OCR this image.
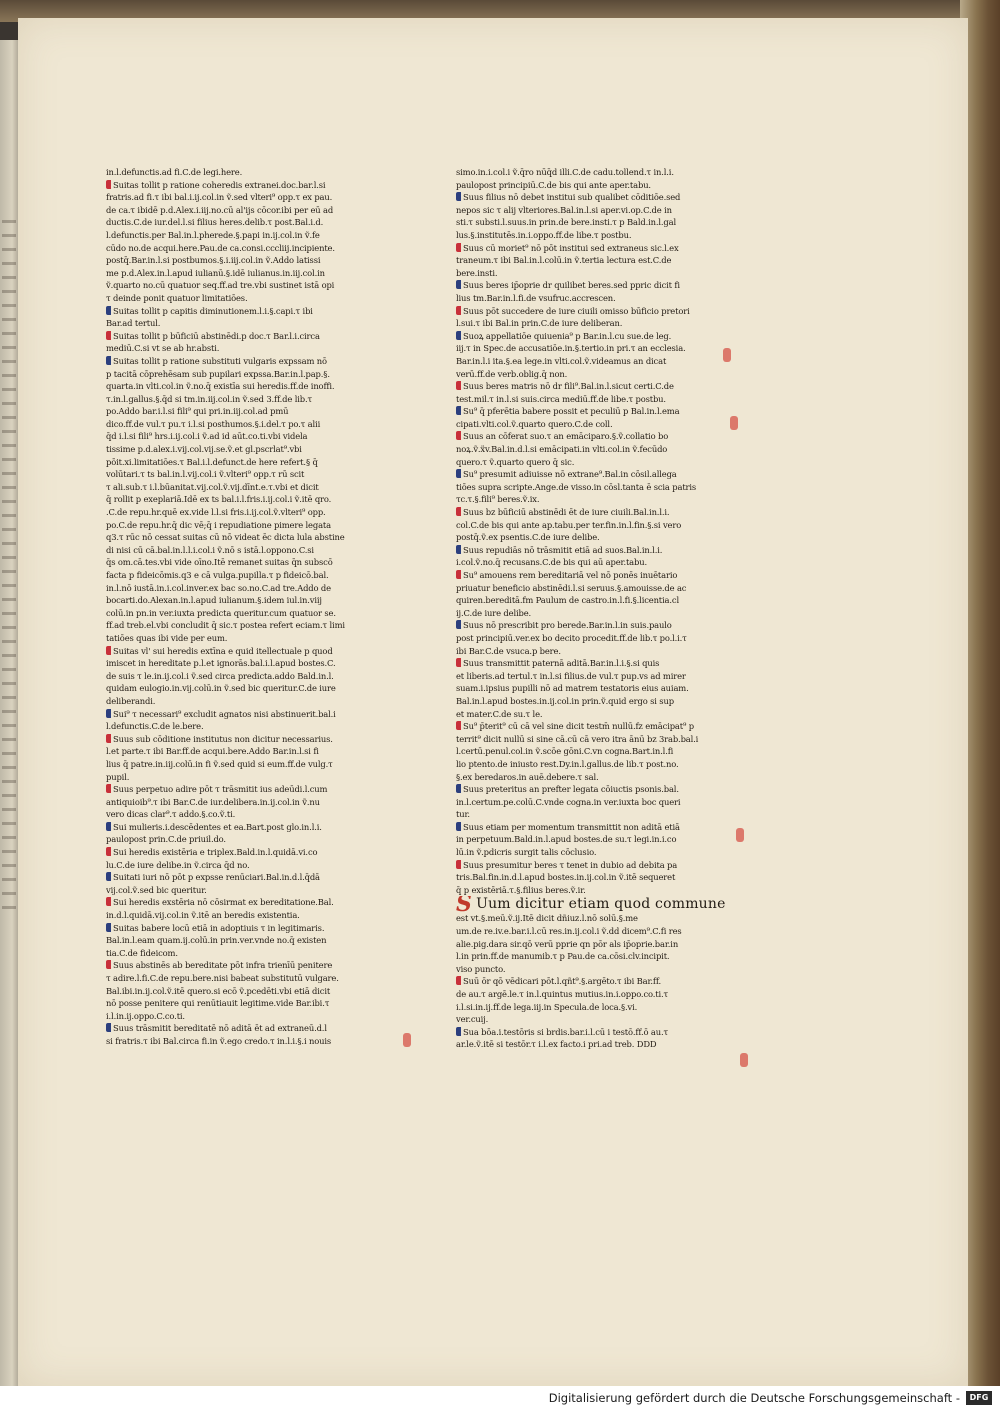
in.l.defunctis.ad fi.C.de legi.here.
Suitas tollit p ratione coheredis extranei.doc.bar.l.si
fratris.ad fi.τ ibi bal.i.ij.col.in ṽ.sed vlteri⁹ opp.τ ex pau.
de ca.τ ibidē p.d.Alex.i.iij.no.cū al'ijs cōcor.ibi per eū ad
ductis.C.de iur.del.l.si filius heres.delib.τ post.Bal.i.d.
l.defunctis.per Bal.in.l.pherede.§.papi in.ij.col.in ṽ.fe
cūdo no.de acqui.here.Pau.de ca.consi.cccliij.incipiente.
postq̄.Bar.in.l.si postbumos.§.i.iij.col.in ṽ.Addo latissi
me p.d.Alex.in.l.apud iulianū.§.idē iulianus.in.iij.col.in
ṽ.quarto no.cū quatuor seq.ff.ad tre.vbi sustinet istā opi
τ deinde ponit quatuor limitatiōes.
Suitas tollit p capitis diminutionem.l.i.§.capi.τ ibi
Bar.ad tertul.
Suitas tollit p būficiū abstinēdi.p doc.τ Bar.l.i.circa
mediū.C.si vt se ab hr.absti.
Suitas tollit p ratione substituti vulgaris expssam nō
p tacitā cōprehēsam sub pupilari expssa.Bar.in.l.pap.§.
quarta.in vlti.col.in ṽ.no.q̄ existīa sui heredis.ff.de inoffi.
τ.in.l.gallus.§.q̄d si tm.in.iij.col.in ṽ.sed 3.ff.de lib.τ
po.Addo bar.i.l.si fili⁹ qui pri.in.iij.col.ad pmū
dico.ff.de vul.τ pu.τ i.l.si posthumos.§.i.del.τ po.τ alii
q̄d i.l.si fili⁹ hrs.i.ij.col.i ṽ.ad id aūt.co.ti.vbi videla
tissime p.d.alex.i.vij.col.vij.se.ṽ.et gl.pscrlat⁹.vbi
pōit.xi.limitatiōes.τ Bal.i.l.defunct.de here refert.§ q̄
volūtari.τ ts bal.in.l.vij.col.i ṽ.vlteri⁹ opp.τ rū scit
τ ali.sub.τ i.l.būanitat.vij.col.ṽ.vij.dīnt.e.τ.vbi et dicit
q̄ rollit p exeplariā.Idē ex ts bal.i.l.fris.i.ij.col.i ṽ.itē qro.
.C.de repu.hr.quē ex.vide l.l.si fris.i.ij.col.ṽ.vlteri⁹ opp.
po.C.de repu.hr.q̄ dic vē;q̄ i repudiatione pimere legata
q3.τ rūc nō cessat suitas cū nō videat ēc dicta lula abstine
di nisi cū cā.bal.in.l.l.i.col.i ṽ.nō s istā.l.oppono.C.si
q̄s om.cā.tes.vbi vide oīno.Itē remanet suitas q̄n subscō
facta p fideicōmis.q3 e cā vulga.pupilla.τ p fideicō.bal.
in.l.nō iustā.in.i.col.inver.ex bac so.no.C.ad tre.Addo de
bocarti.do.Alexan.in.l.apud iulianum.§.idem iul.in.viij
colū.in pn.in ver.iuxta predicta queritur.cum quatuor se.
ff.ad treb.el.vbi concludit q̄ sic.τ postea refert eciam.τ limi
tatiōes quas ibi vide per eum.
Suitas vl' sui heredis extīna e quid itellectuale p quod
imiscet in hereditate p.l.et ignorās.bal.i.l.apud bostes.C.
de suis τ le.in.ij.col.i ṽ.sed circa predicta.addo Bald.in.l.
quidam eulogio.in.vij.colū.in ṽ.sed bic queritur.C.de iure
deliberandi.
Sui⁹ τ necessari⁹ excludit agnatos nisi abstinuerit.bal.i
l.defunctis.C.de le.bere.
Suus sub cōditione institutus non dicitur necessarius.
l.et parte.τ ibi Bar.ff.de acqui.bere.Addo Bar.in.l.si fi
lius q̄ patre.in.iij.colū.in fi ṽ.sed quid si eum.ff.de vulg.τ
pupil.
Suus perpetuo adire pōt τ trāsmitit ius adeūdi.l.cum
antiquioib⁹.τ ibi Bar.C.de iur.delibera.in.ij.col.in ṽ.nu
vero dicas clar⁹.τ addo.§.co.ṽ.ti.
Sui mulieris.i.descēdentes et ea.Bart.post glo.in.l.i.
paulopost prin.C.de priuil.do.
Sui heredis existēria e triplex.Bald.in.l.quidā.vi.co
lu.C.de iure delibe.in ṽ.circa q̄d no.
Suitati iuri nō pōt p expsse renūciari.Bal.in.d.l.q̄dā
vij.col.ṽ.sed bic queritur.
Sui heredis exstēria nō cōsirmat ex bereditatione.Bal.
in.d.l.quidā.vij.col.in ṽ.itē an beredis existentia.
Suitas babere locū etiā in adoptiuis τ in legitimaris.
Bal.in.l.eam quam.ij.colū.in prin.ver.vnde no.q̄ existen
tia.C.de fideicom.
Suus abstinēs ab bereditate pōt infra trienīū penitere
τ adire.l.fi.C.de repu.bere.nisi babeat substitutū vulgare.
Bal.ibi.in.ij.col.ṽ.itē quero.si ecō ṽ.pcedēti.vbi etiā dicit
nō posse penitere qui renūtiauit legitime.vide Bar.ibi.τ
i.l.in.ij.oppo.C.co.ti.
Suus trāsmitit bereditatē nō aditā ēt ad extraneū.d.l
si fratris.τ ibi Bal.circa fi.in ṽ.ego credo.τ in.l.i.§.i nouis
simo.in.i.col.i ṽ.q̄ro nūq̄d illi.C.de cadu.tollend.τ in.l.i.
paulopost principiū.C.de bis qui ante aper.tabu.
Suus filius nō debet institui sub qualibet cōditiōe.sed
nepos sic τ alij vlteriores.Bal.in.l.si aper.vi.op.C.de in
sti.τ substi.l.suus.in prin.de bere.insti.τ p Bald.in.l.gal
lus.§.institutēs.in.i.oppo.ff.de libe.τ postbu.
Suus cū moriet⁹ nō pōt institui sed extraneus sic.l.ex
traneum.τ ibi Bal.in.l.colū.in ṽ.tertia lectura est.C.de
bere.insti.
Suus beres ip̄oprie dr quilibet beres.sed ppric dicit fi
lius tm.Bar.in.l.fi.de vsufruc.accrescen.
Suus pōt succedere de iure ciuili omisso būficio pretori
l.sui.τ ibi Bal.in prin.C.de iure deliberan.
Suoꝝ appellatiōe quiuenia⁹ p Bar.in.l.cu sue.de leg.
iij.τ in Spec.de accusatiōe.in.§.tertio.in pri.τ an ecclesia.
Bar.in.l.i ita.§.ea lege.in vlti.col.ṽ.videamus an dicat
verū.ff.de verb.oblig.q̄ non.
Suus beres matris nō dr fili⁹.Bal.in.l.sicut certi.C.de
test.mil.τ in.l.si suis.circa mediū.ff.de libe.τ postbu.
Su⁹ q̄ pferētia babere possit et peculiū p Bal.in.l.ema
cipati.vlti.col.ṽ.quarto quero.C.de coll.
Suus an cōferat suo.τ an emāciparo.§.ṽ.collatio bo
noꝝ.ṽ.ẍv.Bal.in.d.l.si emācipati.in vlti.col.in ṽ.fecūdo
quero.τ ṽ.quarto quero q̄ sic.
Su⁹ presumit adiuisse nō extrane⁹.Bal.in cōsil.allega
tiōes supra scripte.Ange.de visso.in cōsl.tanta ē scia patris
τc.τ.§.fili⁹ beres.ṽ.ix.
Suus bz būficiū abstinēdi ēt de iure ciuili.Bal.in.l.i.
col.C.de bis qui ante ap.tabu.per ter.fin.in.l.fin.§.si vero
postq̄.ṽ.ex psentis.C.de iure delibe.
Suus repudiās nō trāsmitit etiā ad suos.Bal.in.l.i.
i.col.ṽ.no.q̄ recusans.C.de bis qui aū aper.tabu.
Su⁹ amouens rem bereditariā vel nō ponēs inuētario
priuatur beneficio abstinēdi.l.si seruus.§.amouisse.de ac
quiren.bereditā.fm Paulum de castro.in.l.fi.§.licentia.cl
ij.C.de iure delibe.
Suus nō prescribit pro berede.Bar.in.l.in suis.paulo
post principiū.ver.ex bo decito procedit.ff.de lib.τ po.l.i.τ
ibi Bar.C.de vsuca.p bere.
Suus transmittit paternā aditā.Bar.in.l.i.§.si quis
et liberis.ad tertul.τ in.l.si filius.de vul.τ pup.vs ad mirer
suam.i.ipsius pupilli nō ad matrem testatoris eius auiam.
Bal.in.l.apud bostes.in.ij.col.in prin.ṽ.quid ergo si sup
et mater.C.de su.τ le.
Su⁹ p̄terit⁹ cū cā vel sine dicit testm̄ nullū.fz emācipat⁹ p
territ⁹ dicit nullū si sine cā.cū cā vero itra ānū bz 3rab.bal.i
l.certū.penul.col.in ṽ.scōe gōni.C.vn cogna.Bart.in.l.fi
lio ptento.de iniusto rest.Dy.in.l.gallus.de lib.τ post.no.
§.ex beredaros.in auē.debere.τ sal.
Suus preteritus an prefter legata cōiuctis psonis.bal.
in.l.certum.pe.colū.C.vnde cogna.in ver.iuxta boc queri
tur.
Suus etiam per momentum transmittit non aditā etiā
in perpetuum.Bald.in.l.apud bostes.de su.τ legi.in.i.co
lū.in ṽ.pdicris surgit talis cōclusio.
Suus presumitur beres τ tenet in dubio ad debita pa
tris.Bal.fin.in.d.l.apud bostes.in.ij.col.in ṽ.itē sequeret
q̄ p existēriā.τ.§.filius beres.ṽ.ir.
S Uum dicitur etiam quod commune
est vt.§.meū.ṽ.ij.Itē dicit dñiuz.l.nō solū.§.me
um.de re.iv.e.bar.i.l.cū res.in.ij.col.i ṽ.dd dicem⁹.C.fi res
alie.pig.dara sir.qō verū pprie qn pōr als ip̄oprie.bar.in
l.in prin.ff.de manumib.τ p Pau.de ca.cōsi.clv.incipit.
viso puncto.
Suū ōr qō vēdicari pōt.l.qñt⁹.§.argēto.τ ibi Bar.ff.
de au.τ argē.le.τ in.l.quintus mutius.in.i.oppo.co.ti.τ
i.l.si.in.ij.ff.de lega.iij.in Specula.de loca.§.vi.
ver.cuij.
Sua bōa.i.testōris si brdis.bar.i.l.cū i testō.ff.ō au.τ
ar.le.ṽ.itē si testōr.τ i.l.ex facto.i pri.ad treb. DDD
Digitalisierung gefördert durch die Deutsche Forschungsgemeinschaft -	DFG
